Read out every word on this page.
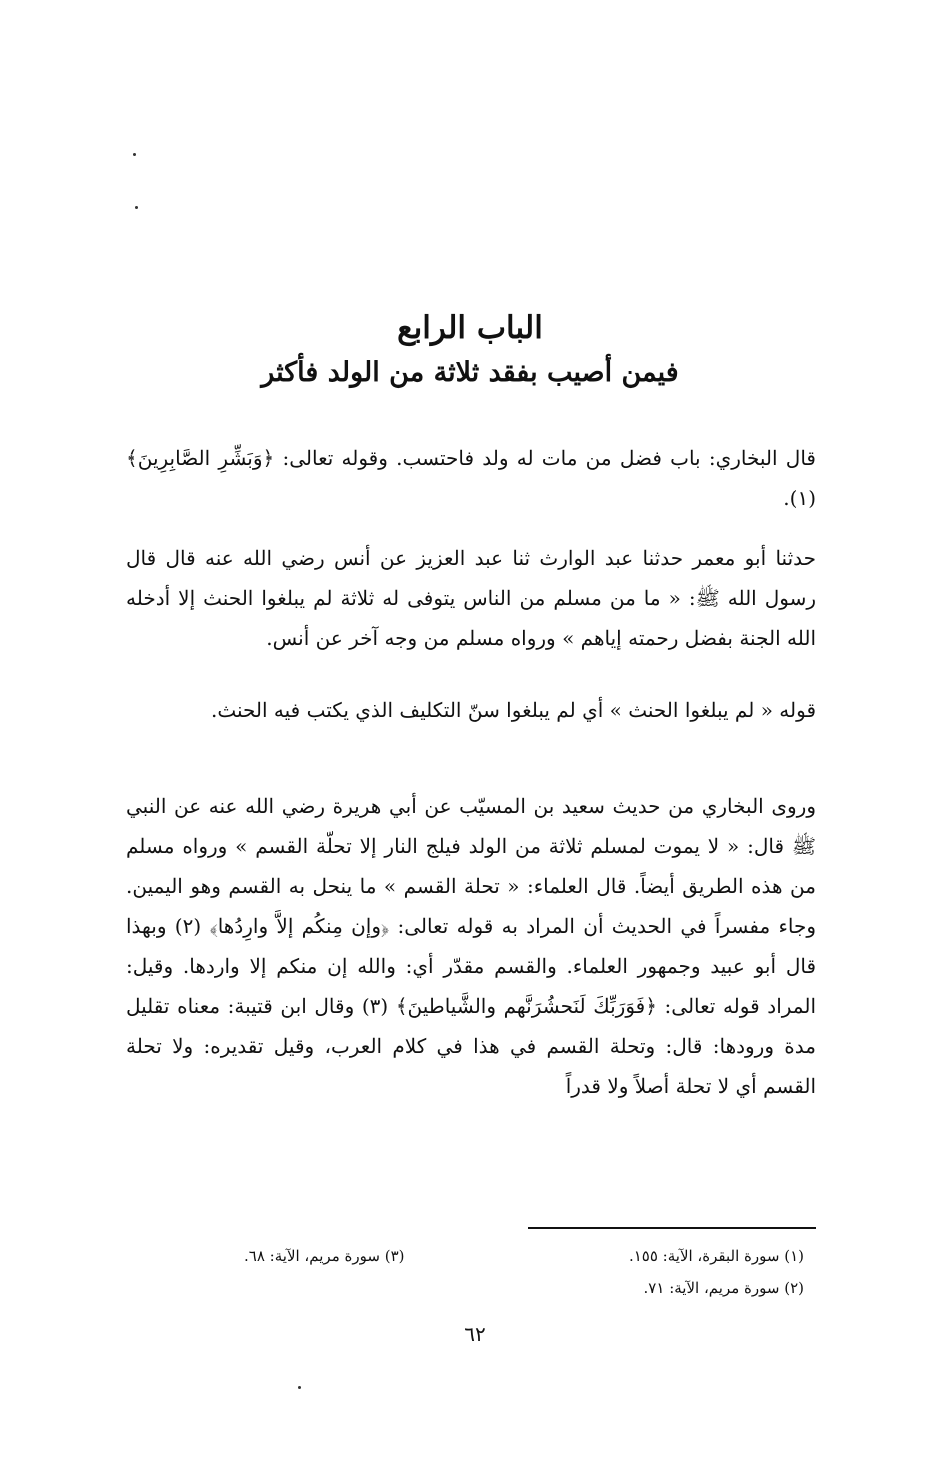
الباب الرابع
فيمن أصيب بفقد ثلاثة من الولد فأكثر

قال البخاري: باب فضل من مات له ولد فاحتسب. وقوله تعالى: ﴿وَبَشِّرِ الصَّابِرِينَ﴾ (١).

حدثنا أبو معمر حدثنا عبد الوارث ثنا عبد العزيز عن أنس رضي الله عنه قال قال رسول الله ﷺ: « ما من مسلم من الناس يتوفى له ثلاثة لم يبلغوا الحنث إلا أدخله الله الجنة بفضل رحمته إياهم » ورواه مسلم من وجه آخر عن أنس.

قوله « لم يبلغوا الحنث » أي لم يبلغوا سنّ التكليف الذي يكتب فيه الحنث.

وروى البخاري من حديث سعيد بن المسيّب عن أبي هريرة رضي الله عنه عن النبي ﷺ قال: « لا يموت لمسلم ثلاثة من الولد فيلج النار إلا تحلّة القسم » ورواه مسلم من هذه الطريق أيضاً. قال العلماء: « تحلة القسم » ما ينحل به القسم وهو اليمين. وجاء مفسراً في الحديث أن المراد به قوله تعالى: ﴿وإن مِنكُم إلاَّ وارِدُها﴾ (٢) وبهذا قال أبو عبيد وجمهور العلماء. والقسم مقدّر أي: والله إن منكم إلا واردها. وقيل: المراد قوله تعالى: ﴿فَوَرَبِّكَ لَنَحشُرَنَّهم والشَّياطينَ﴾ (٣) وقال ابن قتيبة: معناه تقليل مدة ورودها: قال: وتحلة القسم في هذا في كلام العرب، وقيل تقديره: ولا تحلة القسم أي لا تحلة أصلاً ولا قدراً

(١) سورة البقرة، الآية: ١٥٥.
(٣) سورة مريم، الآية: ٦٨.
(٢) سورة مريم، الآية: ٧١.
٦٢
